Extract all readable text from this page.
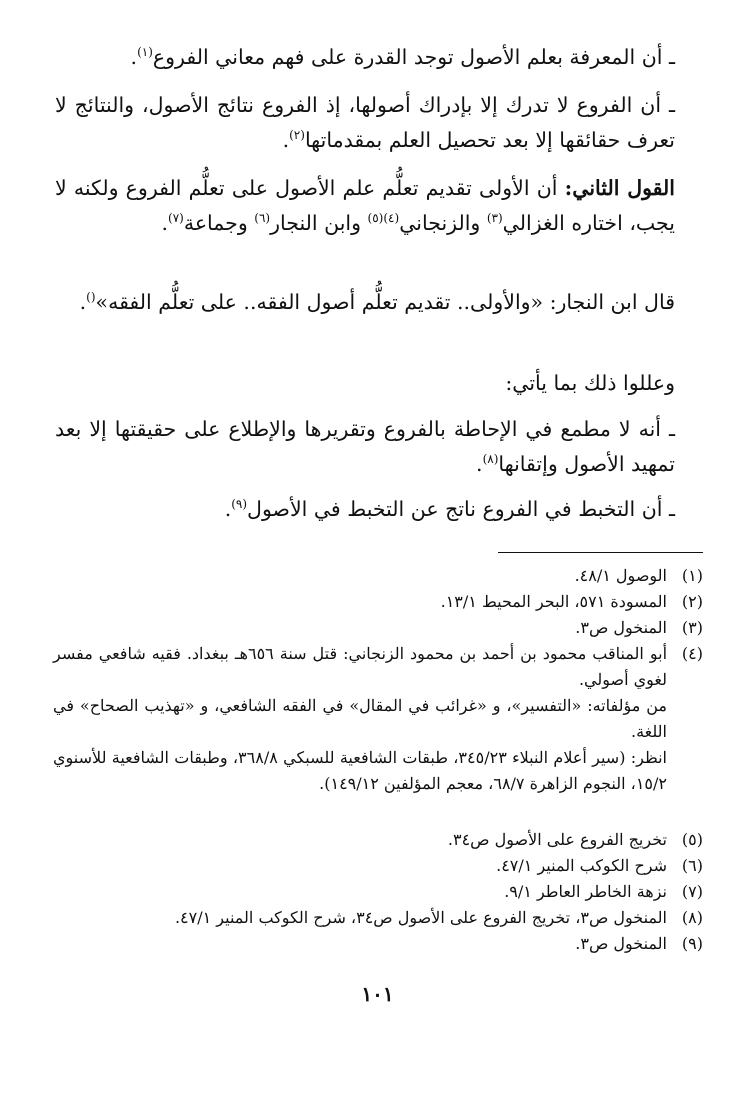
ـ أن المعرفة بعلم الأصول توجد القدرة على فهم معاني الفروع$^{(١)}$.
ـ أن الفروع لا تدرك إلا بإدراك أصولها، إذ الفروع نتائج الأصول، والنتائج لا تعرف حقائقها إلا بعد تحصيل العلم بمقدماتها$^{(٢)}$.
القول الثاني: أن الأولى تقديم تعلُّم علم الأصول على تعلُّم الفروع ولكنه لا يجب، اختاره الغزالي$^{(٣)}$ والزنجاني$^{(٤)(٥)}$ وابن النجار$^{(٦)}$ وجماعة$^{(٧)}$.
قال ابن النجار: «والأولى.. تقديم تعلُّم أصول الفقه.. على تعلُّم الفقه»().
وعللوا ذلك بما يأتي:
ـ أنه لا مطمع في الإحاطة بالفروع وتقريرها والإطلاع على حقيقتها إلا بعد تمهيد الأصول وإتقانها$^{(٨)}$.
ـ أن التخبط في الفروع ناتج عن التخبط في الأصول$^{(٩)}$.
(١)
الوصول ٤٨/١.
(٢)
المسودة ٥٧١، البحر المحيط ١٣/١.
(٣)
المنخول ص٣.
(٤)
أبو المناقب محمود بن أحمد بن محمود الزنجاني: قتل سنة ٦٥٦هـ ببغداد. فقيه شافعي مفسر لغوي أصولي.
من مؤلفاته: «التفسير»، و «غرائب في المقال» في الفقه الشافعي، و «تهذيب الصحاح» في اللغة.
انظر: (سير أعلام النبلاء ٣٤٥/٢٣، طبقات الشافعية للسبكي ٣٦٨/٨، وطبقات الشافعية للأسنوي ١٥/٢، النجوم الزاهرة ٦٨/٧، معجم المؤلفين ١٤٩/١٢).
(٥)
تخريج الفروع على الأصول ص٣٤.
(٦)
شرح الكوكب المنير ٤٧/١.
(٧)
نزهة الخاطر العاطر ٩/١.
(٨)
المنخول ص٣، تخريج الفروع على الأصول ص٣٤، شرح الكوكب المنير ٤٧/١.
(٩)
المنخول ص٣.
١٠١
